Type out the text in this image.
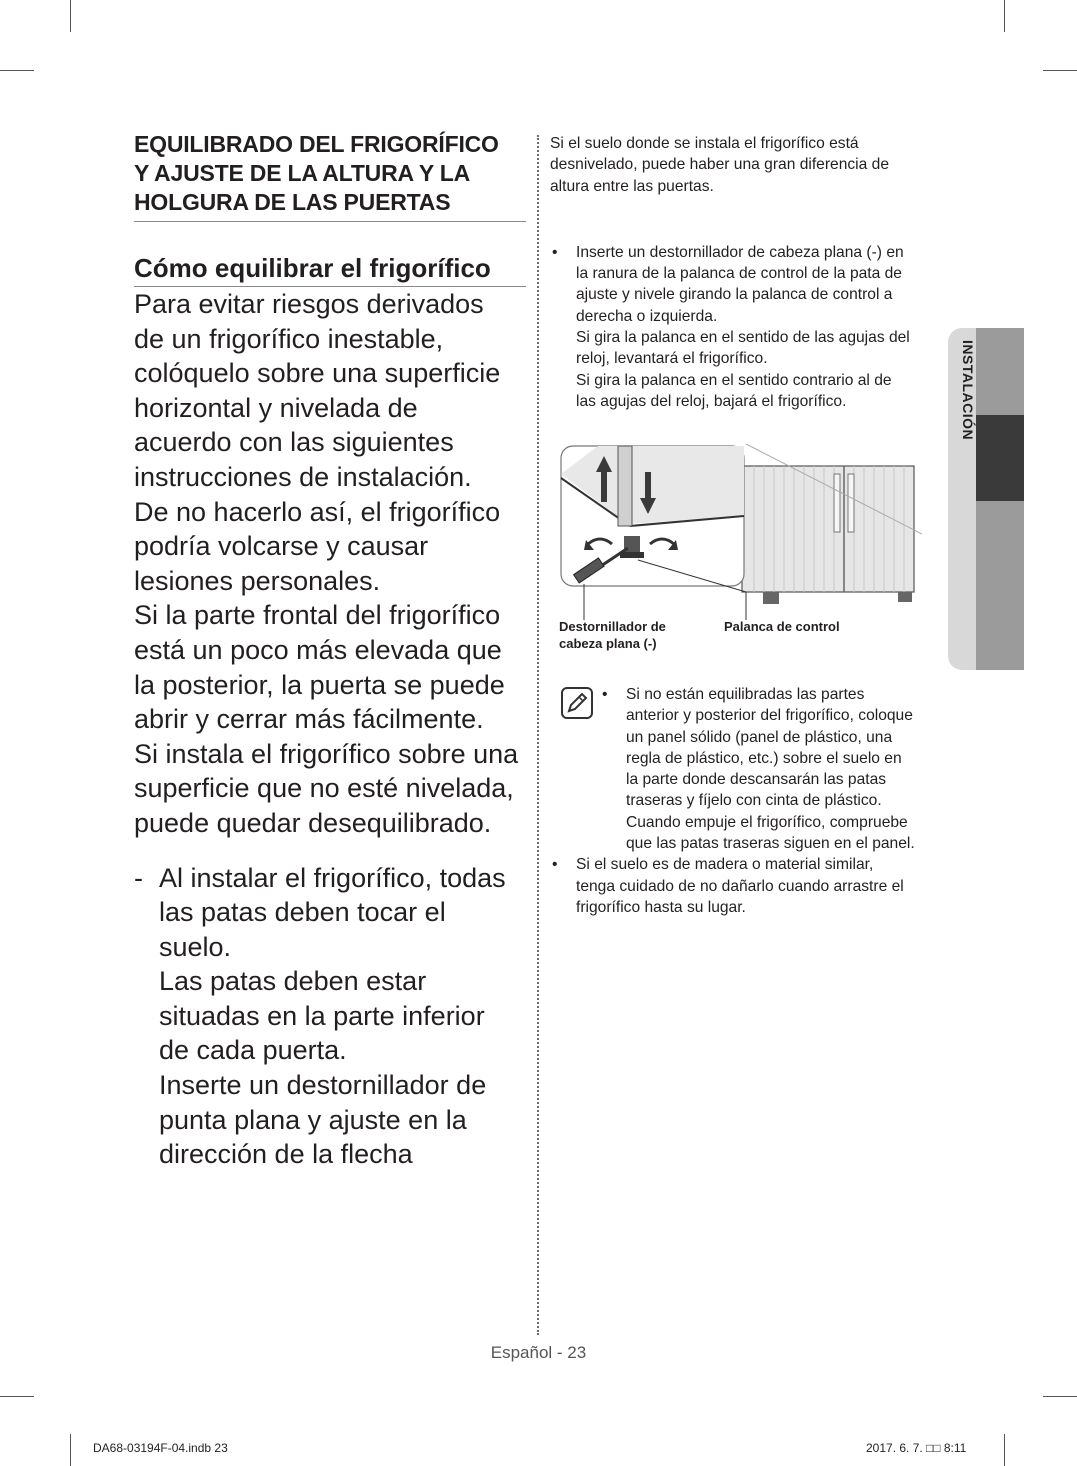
EQUILIBRADO DEL FRIGORÍFICO
Y AJUSTE DE LA ALTURA Y LA
HOLGURA DE LAS PUERTAS
Cómo equilibrar el frigorífico
Para evitar riesgos derivados
de un frigorífico inestable,
colóquelo sobre una superficie
horizontal y nivelada de
acuerdo con las siguientes
instrucciones de instalación.
De no hacerlo así, el frigorífico
podría volcarse y causar
lesiones personales.
Si la parte frontal del frigorífico
está un poco más elevada que
la posterior, la puerta se puede
abrir y cerrar más fácilmente.
Si instala el frigorífico sobre una
superficie que no esté nivelada,
puede quedar desequilibrado.
- Al instalar el frigorífico, todas
las patas deben tocar el
suelo.
Las patas deben estar
situadas en la parte inferior
de cada puerta.
Inserte un destornillador de
punta plana y ajuste en la
dirección de la flecha

Si el suelo donde se instala el frigorífico está
desnivelado, puede haber una gran diferencia de
altura entre las puertas.

• Inserte un destornillador de cabeza plana (-) en
la ranura de la palanca de control de la pata de
ajuste y nivele girando la palanca de control a
derecha o izquierda.
Si gira la palanca en el sentido de las agujas del
reloj, levantará el frigorífico.
Si gira la palanca en el sentido contrario al de
las agujas del reloj, bajará el frigorífico.
Destornillador de
cabeza plana (-)
Palanca de control
• Si no están equilibradas las partes
anterior y posterior del frigorífico, coloque
un panel sólido (panel de plástico, una
regla de plástico, etc.) sobre el suelo en
la parte donde descansarán las patas
traseras y fíjelo con cinta de plástico.
Cuando empuje el frigorífico, compruebe
que las patas traseras siguen en el panel.
• Si el suelo es de madera o material similar,
tenga cuidado de no dañarlo cuando arrastre el
frigorífico hasta su lugar.
INSTALACIÓN
Español - 23
DA68-03194F-04.indb 23	2017. 6. 7. □□ 8:11
